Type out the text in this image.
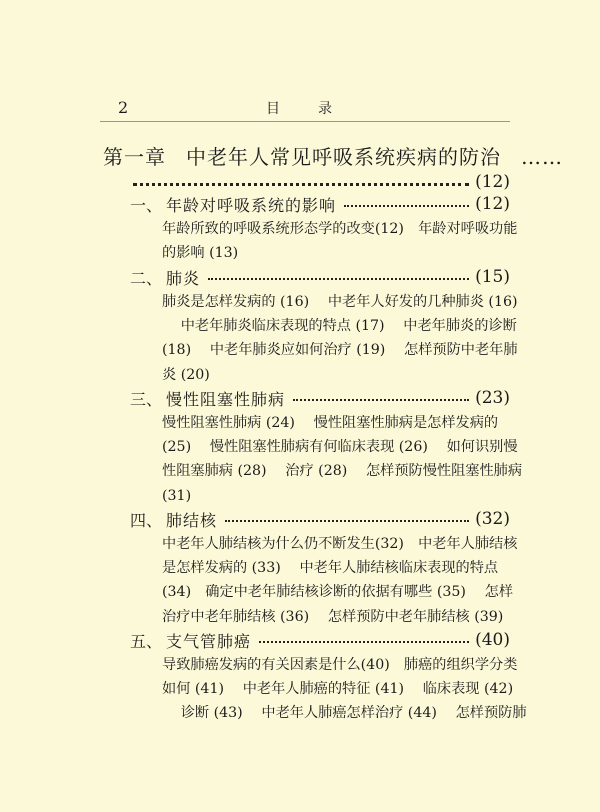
2	目　录
第一章 中老年人常见呼吸系统疾病的防治 ……
(12)
一、 年龄对呼吸系统的影响	(12)
年龄所致的呼吸系统形态学的改变(12)　年龄对呼吸功能
的影响 (13)
二、 肺炎	(15)
肺炎是怎样发病的 (16)　 中老年人好发的几种肺炎 (16)
　 中老年肺炎临床表现的特点 (17)　 中老年肺炎的诊断
(18)　 中老年肺炎应如何治疗 (19)　 怎样预防中老年肺
炎 (20)
三、 慢性阻塞性肺病	(23)
慢性阻塞性肺病 (24)　 慢性阻塞性肺病是怎样发病的
(25)　 慢性阻塞性肺病有何临床表现 (26)　 如何识别慢
性阻塞肺病 (28)　 治疗 (28)　 怎样预防慢性阻塞性肺病
(31)
四、 肺结核	(32)
中老年人肺结核为什么仍不断发生(32)　中老年人肺结核
是怎样发病的 (33)　 中老年人肺结核临床表现的特点
(34)　确定中老年肺结核诊断的依据有哪些 (35)　 怎样
治疗中老年肺结核 (36)　 怎样预防中老年肺结核 (39)
五、 支气管肺癌	(40)
导致肺癌发病的有关因素是什么(40)　肺癌的组织学分类
如何 (41)　 中老年人肺癌的特征 (41)　 临床表现 (42)
　 诊断 (43)　 中老年人肺癌怎样治疗 (44)　 怎样预防肺
